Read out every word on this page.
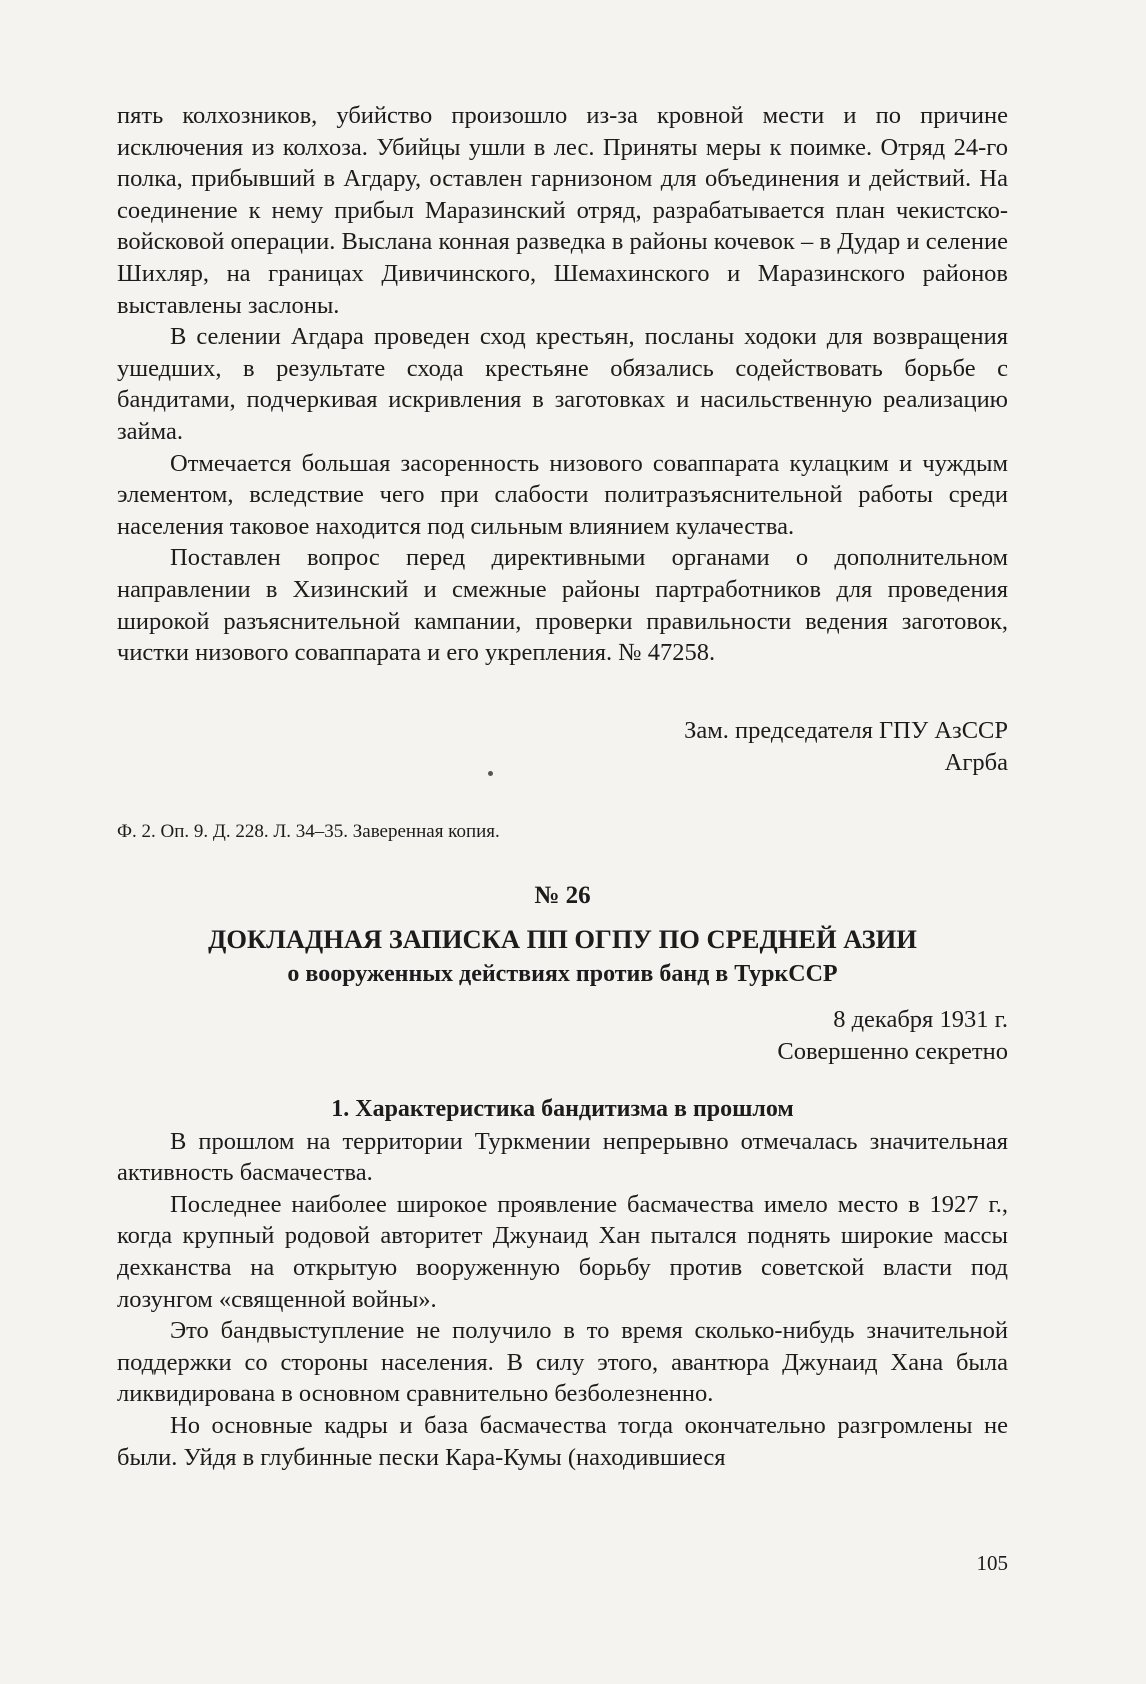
пять колхозников, убийство произошло из-за кровной мести и по причине исключения из колхоза. Убийцы ушли в лес. Приняты меры к поимке. Отряд 24-го полка, прибывший в Агдару, оставлен гарнизоном для объединения и действий. На соединение к нему прибыл Маразинский отряд, разрабатывается план чекистско-войсковой операции. Выслана конная разведка в районы кочевок – в Дудар и селение Шихляр, на границах Дивичинского, Шемахинского и Маразинского районов выставлены заслоны.

В селении Агдара проведен сход крестьян, посланы ходоки для возвращения ушедших, в результате схода крестьяне обязались содействовать борьбе с бандитами, подчеркивая искривления в заготовках и насильственную реализацию займа.

Отмечается большая засоренность низового соваппарата кулацким и чуждым элементом, вследствие чего при слабости политразъяснительной работы среди населения таковое находится под сильным влиянием кулачества.

Поставлен вопрос перед директивными органами о дополнительном направлении в Хизинский и смежные районы партработников для проведения широкой разъяснительной кампании, проверки правильности ведения заготовок, чистки низового соваппарата и его укрепления. № 47258.

Зам. председателя ГПУ АзССР

Агрба

Ф. 2. Оп. 9. Д. 228. Л. 34–35. Заверенная копия.

№ 26

ДОКЛАДНАЯ ЗАПИСКА ПП ОГПУ ПО СРЕДНЕЙ АЗИИ

о вооруженных действиях против банд в ТуркССР

8 декабря 1931 г.

Совершенно секретно

1. Характеристика бандитизма в прошлом

В прошлом на территории Туркмении непрерывно отмечалась значительная активность басмачества.

Последнее наиболее широкое проявление басмачества имело место в 1927 г., когда крупный родовой авторитет Джунаид Хан пытался поднять широкие массы дехканства на открытую вооруженную борьбу против советской власти под лозунгом «священной войны».

Это бандвыступление не получило в то время сколько-нибудь значительной поддержки со стороны населения. В силу этого, авантюра Джунаид Хана была ликвидирована в основном сравнительно безболезненно.

Но основные кадры и база басмачества тогда окончательно разгромлены не были. Уйдя в глубинные пески Кара-Кумы (находившиеся

105
